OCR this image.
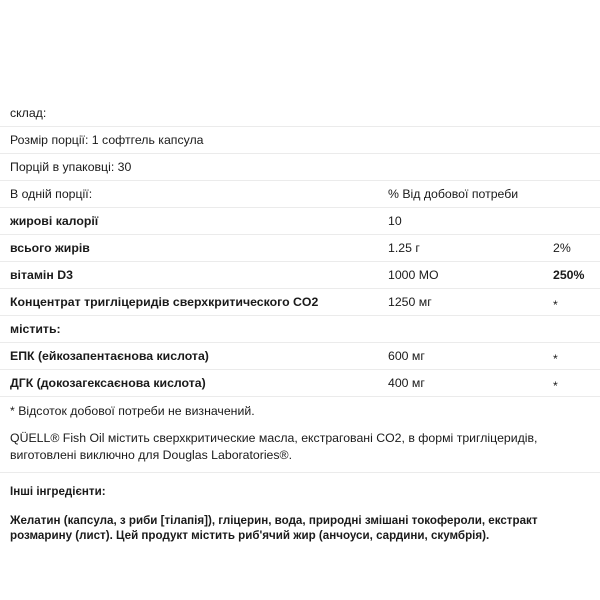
склад:		
Розмір порції: 1 софтгель капсула		
Порцій в упаковці: 30		
В одній порції:	% Від добової потреби	
жирові калорії	10	
всього жирів	1.25 г	2%
вітамін D3	1000 МО	250%
Концентрат тригліцеридів сверхкритического CO2	1250 мг	*
містить:		
ЕПК (ейкозапентаєнова кислота)	600 мг	*
ДГК (докозагексаєнова кислота)	400 мг	*
* Відсоток добової потреби не визначений.
QÜELL® Fish Oil містить сверхкритические масла, екстраговані CO2, в формі тригліцеридів, виготовлені виключно для Douglas Laboratories®.
Інші інгредієнти:
Желатин (капсула, з риби [тілапія]), гліцерин, вода, природні змішані токофероли, екстракт розмарину (лист). Цей продукт містить риб'ячий жир (анчоуси, сардини, скумбрія).
